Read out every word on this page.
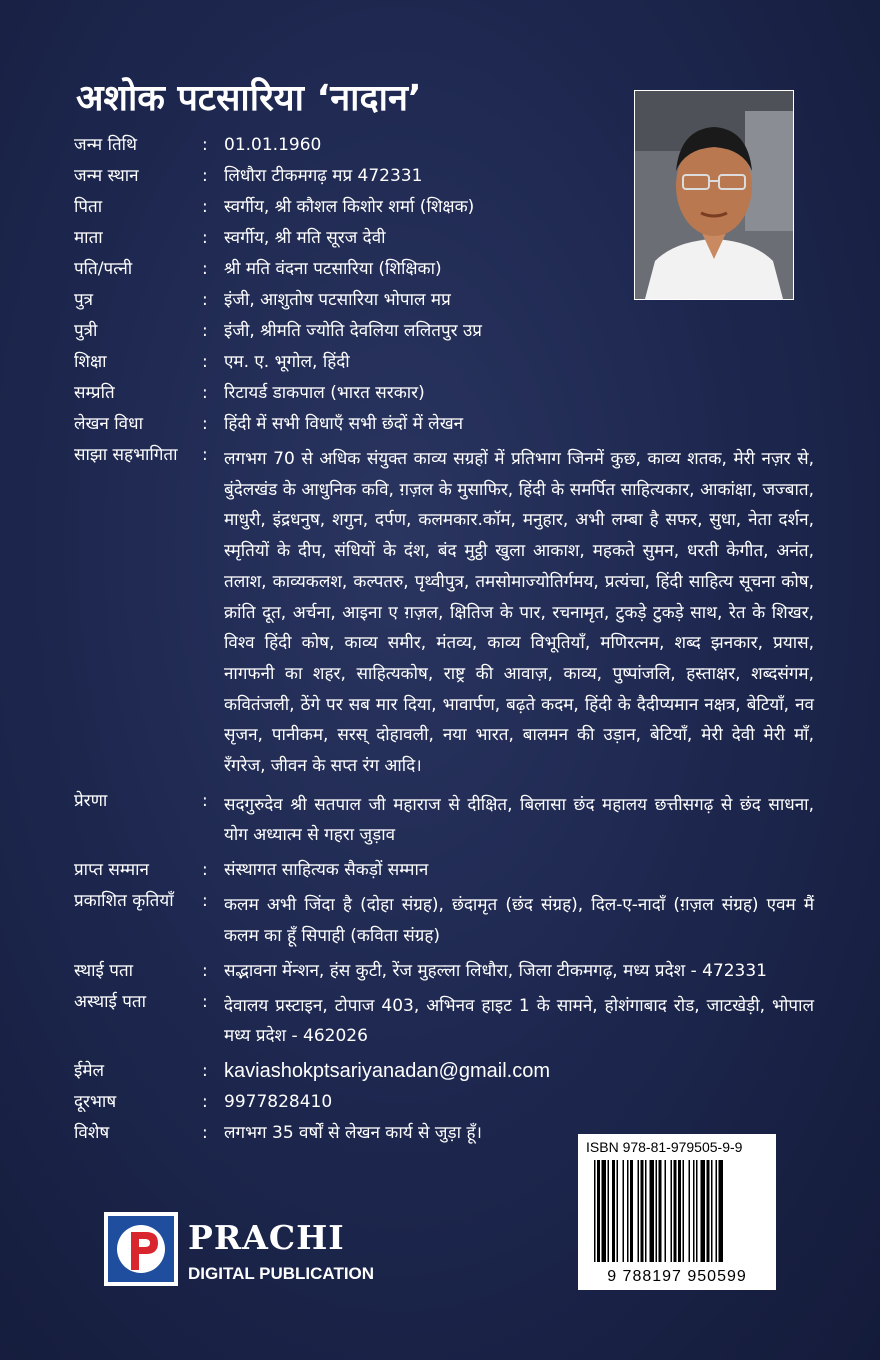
अशोक पटसारिया ‘नादान’
जन्म तिथि	: 01.01.1960
जन्म स्थान	: लिधौरा टीकमगढ़ मप्र 472331
पिता	: स्वर्गीय, श्री कौशल किशोर शर्मा (शिक्षक)
माता	: स्वर्गीय, श्री मति सूरज देवी
पति/पत्नी	: श्री मति वंदना पटसारिया (शिक्षिका)
पुत्र	: इंजी, आशुतोष पटसारिया भोपाल मप्र
पुत्री	: इंजी, श्रीमति ज्योति देवलिया ललितपुर उप्र
शिक्षा	: एम. ए. भूगोल, हिंदी
सम्प्रति	: रिटायर्ड डाकपाल (भारत सरकार)
लेखन विधा	: हिंदी में सभी विधाएँ सभी छंदों में लेखन
साझा सहभागिता	: लगभग 70 से अधिक संयुक्त काव्य सग्रहों में प्रतिभाग जिनमें कुछ, काव्य शतक, मेरी नज़र से, बुंदेलखंड के आधुनिक कवि, ग़ज़ल के मुसाफिर, हिंदी के समर्पित साहित्यकार, आकांक्षा, जज्बात, माधुरी, इंद्रधनुष, शगुन, दर्पण, कलमकार.कॉम, मनुहार, अभी लम्बा है सफर, सुधा, नेता दर्शन, स्मृतियों के दीप, संधियों के दंश, बंद मुट्ठी खुला आकाश, महकते सुमन, धरती केगीत, अनंत, तलाश, काव्यकलश, कल्पतरु, पृथ्वीपुत्र, तमसोमाज्योतिर्गमय, प्रत्यंचा, हिंदी साहित्य सूचना कोष, क्रांति दूत, अर्चना, आइना ए ग़ज़ल, क्षितिज के पार, रचनामृत, टुकड़े टुकड़े साथ, रेत के शिखर, विश्व हिंदी कोष, काव्य समीर, मंतव्य, काव्य विभूतियाँ, मणिरत्नम, शब्द झनकार, प्रयास, नागफनी का शहर, साहित्यकोष, राष्ट्र की आवाज़, काव्य, पुष्पांजलि, हस्ताक्षर, शब्दसंगम, कवितंजली, ठेंगे पर सब मार दिया, भावार्पण, बढ़ते कदम, हिंदी के दैदीप्यमान नक्षत्र, बेटियाँ, नव सृजन, पानीकम, सरस् दोहावली, नया भारत, बालमन की उड़ान, बेटियाँ, मेरी देवी मेरी माँ, रँगरेज, जीवन के सप्त रंग आदि।
प्रेरणा	: सदगुरुदेव श्री सतपाल जी महाराज से दीक्षित, बिलासा छंद महालय छत्तीसगढ़ से छंद साधना, योग अध्यात्म से गहरा जुड़ाव
प्राप्त सम्मान	: संस्थागत साहित्यक सैकड़ों सम्मान
प्रकाशित कृतियाँ	: कलम अभी जिंदा है (दोहा संग्रह), छंदामृत (छंद संग्रह), दिल-ए-नादाँ (ग़ज़ल संग्रह) एवम मैं कलम का हूँ सिपाही (कविता संग्रह)
स्थाई पता	: सद्भावना मेंन्शन, हंस कुटी, रेंज मुहल्ला लिधौरा, जिला टीकमगढ़, मध्य प्रदेश - 472331
अस्थाई पता	: देवालय प्रस्टाइन, टोपाज 403, अभिनव हाइट 1 के सामने, होशंगाबाद रोड, जाटखेड़ी, भोपाल मध्य प्रदेश - 462026
ईमेल	: kaviashokptsariyanadan@gmail.com
दूरभाष	: 9977828410
विशेष	: लगभग 35 वर्षों से लेखन कार्य से जुड़ा हूँ।
ISBN 978-81-979505-9-9
9 788197 950599
PRACHI
DIGITAL PUBLICATION
